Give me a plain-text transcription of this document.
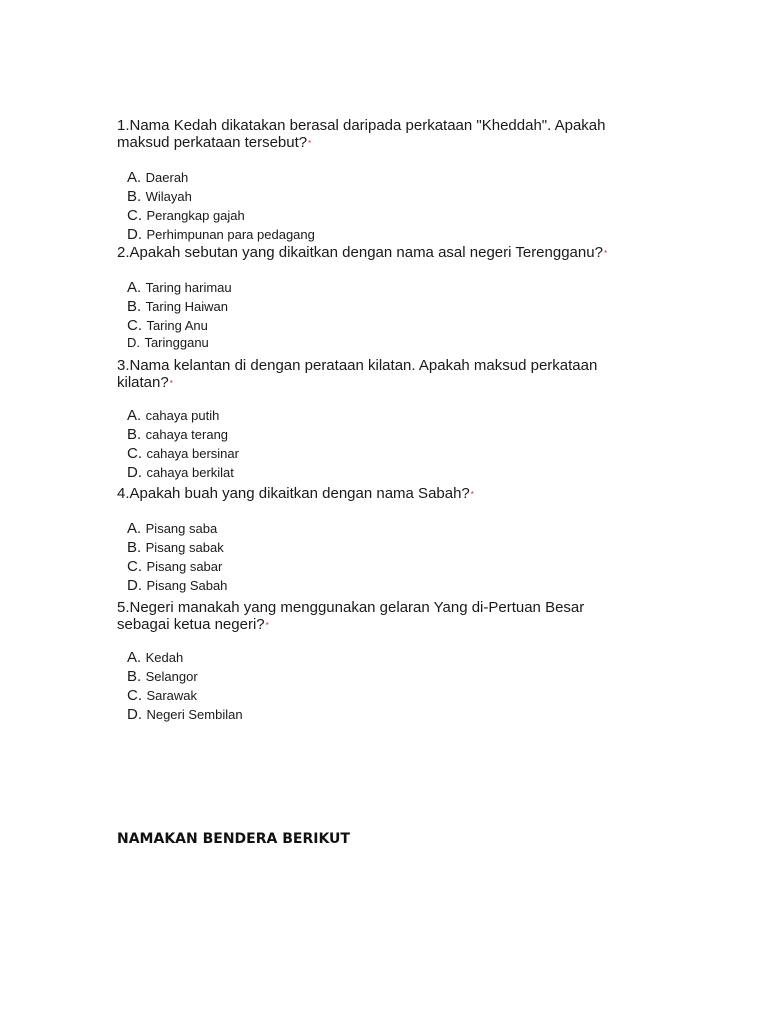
1.Nama Kedah dikatakan berasal daripada perkataan "Kheddah". Apakah maksud perkataan tersebut?*

A. Daerah
B. Wilayah
C. Perangkap gajah
D. Perhimpunan para pedagang

2.Apakah sebutan yang dikaitkan dengan nama asal negeri Terengganu?*

A. Taring harimau
B. Taring Haiwan
C. Taring Anu
D. Taringganu

3.Nama kelantan di dengan perataan kilatan. Apakah maksud perkataan kilatan?*

A. cahaya putih
B. cahaya terang
C. cahaya bersinar
D. cahaya berkilat

4.Apakah buah yang dikaitkan dengan nama Sabah?*

A. Pisang saba
B. Pisang sabak
C. Pisang sabar
D. Pisang Sabah

5.Negeri manakah yang menggunakan gelaran Yang di-Pertuan Besar sebagai ketua negeri?*

A. Kedah
B. Selangor
C. Sarawak
D. Negeri Sembilan
NAMAKAN BENDERA BERIKUT
